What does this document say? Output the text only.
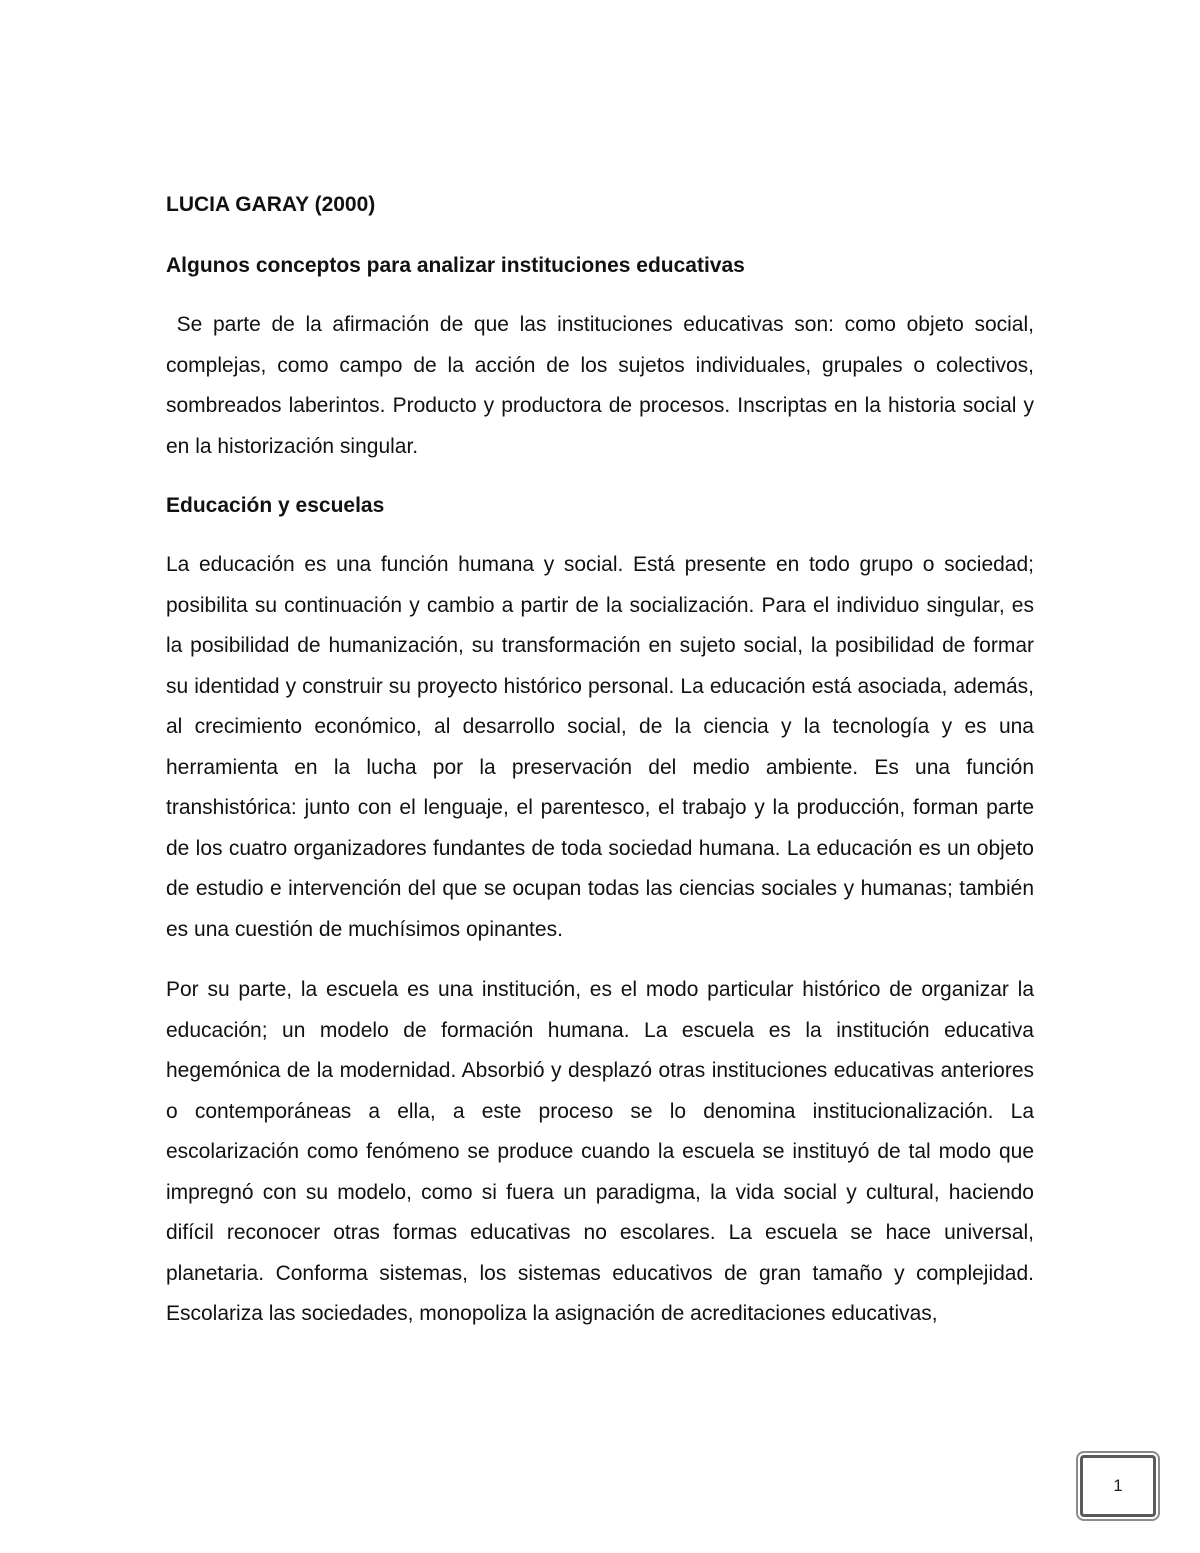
LUCIA GARAY (2000)

Algunos conceptos para analizar instituciones educativas

Se parte de la afirmación de que las instituciones educativas son: como objeto social, complejas, como campo de la acción de los sujetos individuales, grupales o colectivos, sombreados laberintos. Producto y productora de procesos. Inscriptas en la historia social y en la historización singular.

Educación y escuelas

La educación es una función humana y social. Está presente en todo grupo o sociedad; posibilita su continuación y cambio a partir de la socialización. Para el individuo singular, es la posibilidad de humanización, su transformación en sujeto social, la posibilidad de formar su identidad y construir su proyecto histórico personal. La educación está asociada, además, al crecimiento económico, al desarrollo social, de la ciencia y la tecnología y es una herramienta en la lucha por la preservación del medio ambiente. Es una función transhistórica: junto con el lenguaje, el parentesco, el trabajo y la producción, forman parte de los cuatro organizadores fundantes de toda sociedad humana. La educación es un objeto de estudio e intervención del que se ocupan todas las ciencias sociales y humanas; también es una cuestión de muchísimos opinantes.

Por su parte, la escuela es una institución, es el modo particular histórico de organizar la educación; un modelo de formación humana. La escuela es la institución educativa hegemónica de la modernidad. Absorbió y desplazó otras instituciones educativas anteriores o contemporáneas a ella, a este proceso se lo denomina institucionalización. La escolarización como fenómeno se produce cuando la escuela se instituyó de tal modo que impregnó con su modelo, como si fuera un paradigma, la vida social y cultural, haciendo difícil reconocer otras formas educativas no escolares. La escuela se hace universal, planetaria. Conforma sistemas, los sistemas educativos de gran tamaño y complejidad. Escolariza las sociedades, monopoliza la asignación de acreditaciones educativas,

1
